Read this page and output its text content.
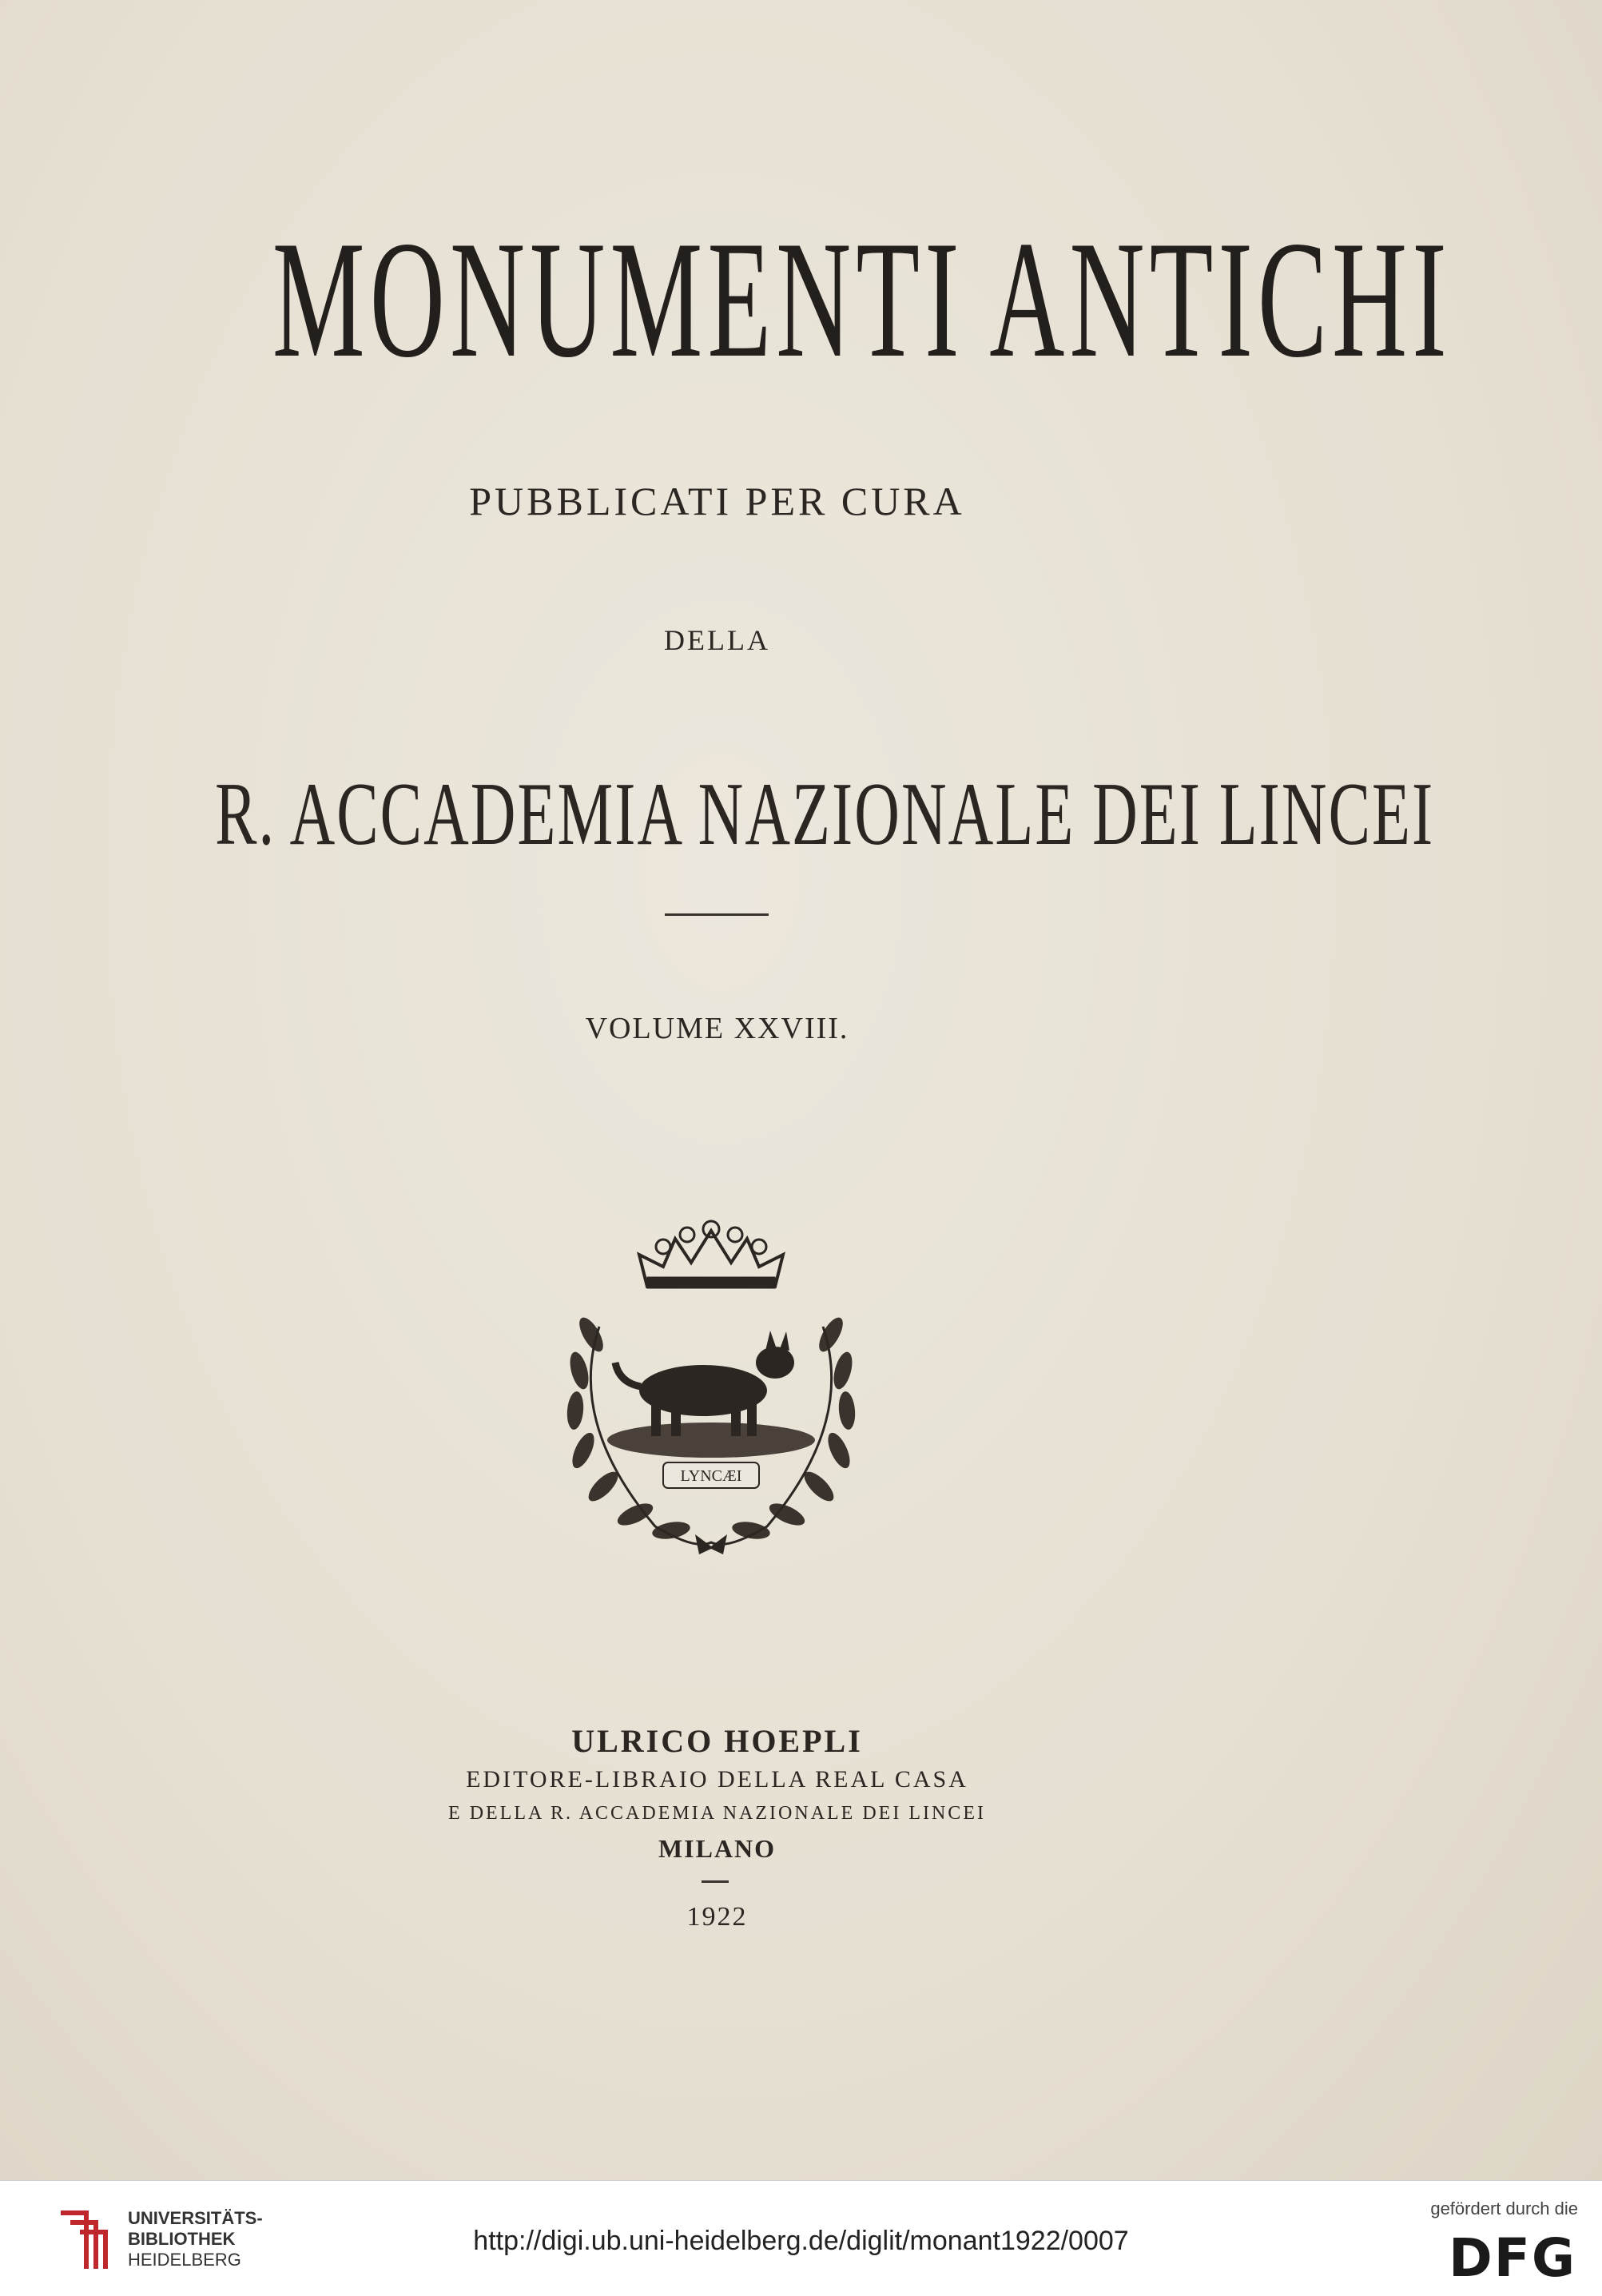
MONUMENTI ANTICHI
PUBBLICATI PER CURA
DELLA
R. ACCADEMIA NAZIONALE DEI LINCEI
VOLUME XXVIII.
LYNCÆI
ULRICO HOEPLI
EDITORE-LIBRAIO DELLA REAL CASA
E DELLA R. ACCADEMIA NAZIONALE DEI LINCEI
MILANO
1922
UNIVERSITÄTS-
BIBLIOTHEK
HEIDELBERG
http://digi.ub.uni-heidelberg.de/diglit/monant1922/0007
gefördert durch die
DFG
